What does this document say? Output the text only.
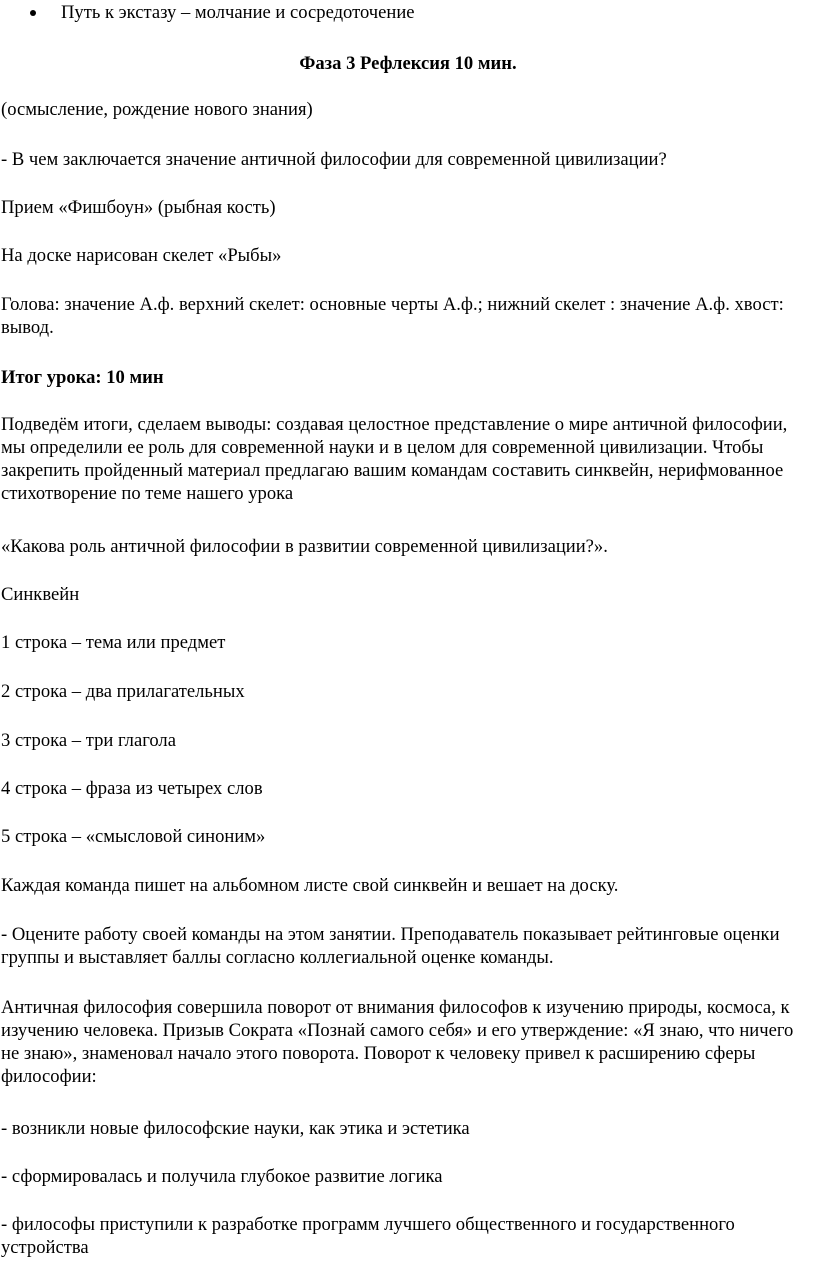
Путь к экстазу – молчание и сосредоточение
Фаза 3 Рефлексия 10 мин.

(осмысление, рождение нового знания)

- В чем заключается значение античной философии для современной цивилизации?

Прием «Фишбоун» (рыбная кость)

На доске нарисован скелет «Рыбы»

Голова: значение А.ф. верхний скелет: основные черты А.ф.; нижний скелет : значение А.ф. хвост: вывод.

Итог урока: 10 мин

Подведём итоги, сделаем выводы: создавая целостное представление о мире античной философии, мы определили ее роль для современной науки и в целом для современной цивилизации. Чтобы закрепить пройденный материал предлагаю вашим командам составить синквейн, нерифмованное стихотворение по теме нашего урока

«Какова роль античной философии в развитии современной цивилизации?».

Синквейн

1 строка – тема или предмет

2 строка – два прилагательных

3 строка – три глагола

4 строка – фраза из четырех слов

5 строка – «смысловой синоним»

Каждая команда пишет на альбомном листе свой синквейн и вешает на доску.

- Оцените работу своей команды на этом занятии. Преподаватель показывает рейтинговые оценки группы и выставляет баллы согласно коллегиальной оценке команды.

Античная философия совершила поворот от внимания философов к изучению природы, космоса, к изучению человека. Призыв Сократа «Познай самого себя» и его утверждение: «Я знаю, что ничего не знаю», знаменовал начало этого поворота. Поворот к человеку привел к расширению сферы философии:

- возникли новые философские науки, как этика и эстетика

- сформировалась и получила глубокое развитие логика

- философы приступили к разработке программ лучшего общественного и государственного устройства
